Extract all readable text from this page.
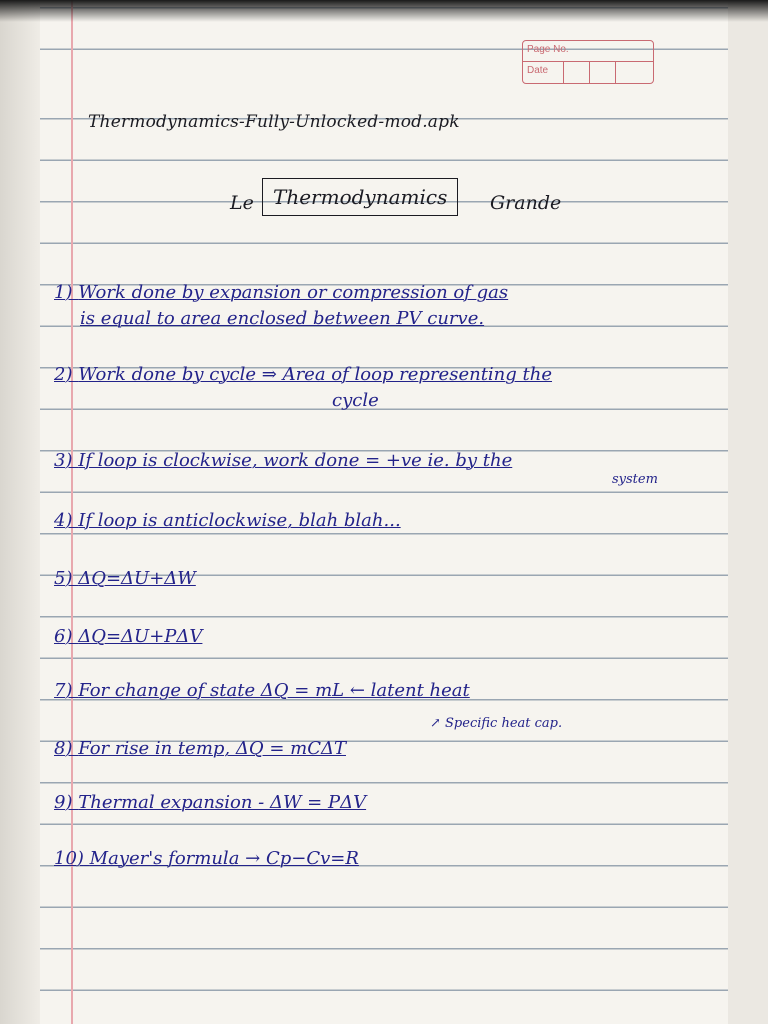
Page No.
Date
Thermodynamics-Fully-Unlocked-mod.apk
Le Thermodynamics	Grande
1) Work done by expansion or compression of gas
is equal to area enclosed between PV curve.
2) Work done by cycle ⇒ Area of loop representing the
cycle
3) If loop is clockwise, work done = +ve ie. by the
system
4) If loop is anticlockwise, blah blah...
5) ΔQ=ΔU+ΔW
6) ΔQ=ΔU+PΔV
7) For change of state ΔQ = mL ← latent heat
↗ Specific heat cap.
8) For rise in temp, ΔQ = mCΔT
9) Thermal expansion - ΔW = PΔV
10) Mayer's formula → Cp−Cv=R
